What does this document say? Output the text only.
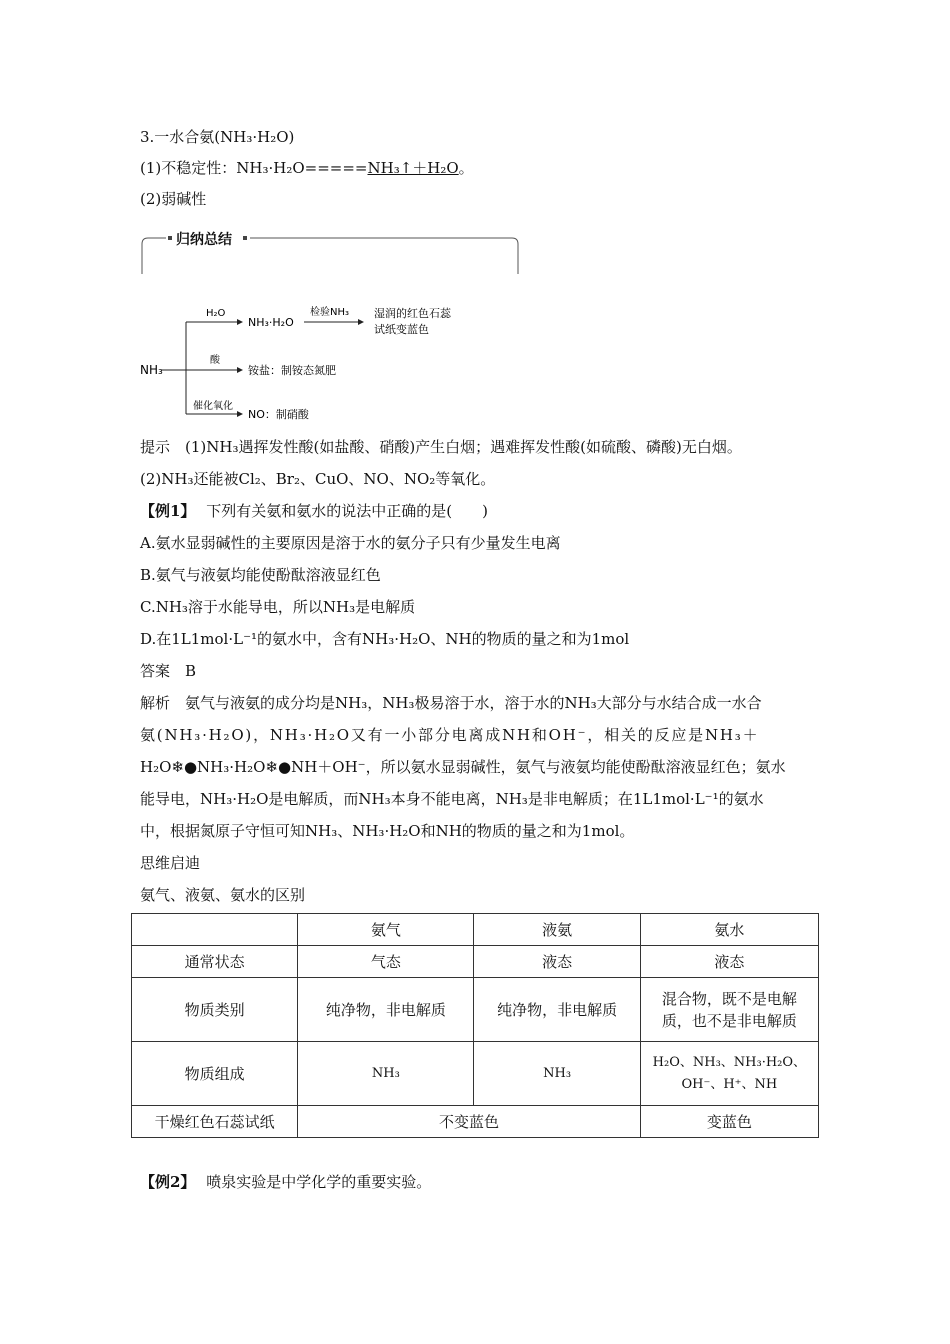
3.一水合氨(NH₃·H₂O)
(1)不稳定性：NH₃·H₂O=====NH₃↑＋H₂O。
(2)弱碱性
归纳总结
NH₃
H₂O
NH₃·H₂O
检验NH₃ 湿润的红色石蕊
试纸变蓝色
酸
铵盐：制铵态氮肥
催化氧化
NO：制硝酸
提示　(1)NH₃遇挥发性酸(如盐酸、硝酸)产生白烟；遇难挥发性酸(如硫酸、磷酸)无白烟。
(2)NH₃还能被Cl₂、Br₂、CuO、NO、NO₂等氧化。
【例1】 下列有关氨和氨水的说法中正确的是(　　)
A.氨水显弱碱性的主要原因是溶于水的氨分子只有少量发生电离
B.氨气与液氨均能使酚酞溶液显红色
C.NH₃溶于水能导电，所以NH₃是电解质
D.在1L1mol·L⁻¹的氨水中，含有NH₃·H₂O、NH的物质的量之和为1mol
答案　B
解析　氨气与液氨的成分均是NH₃，NH₃极易溶于水，溶于水的NH₃大部分与水结合成一水合
氨(NH₃·H₂O)，NH₃·H₂O又有一小部分电离成NH和OH⁻，相关的反应是NH₃＋
H₂O❄●NH₃·H₂O❄●NH＋OH⁻，所以氨水显弱碱性，氨气与液氨均能使酚酞溶液显红色；氨水
能导电，NH₃·H₂O是电解质，而NH₃本身不能电离，NH₃是非电解质；在1L1mol·L⁻¹的氨水
中，根据氮原子守恒可知NH₃、NH₃·H₂O和NH的物质的量之和为1mol。
思维启迪
氨气、液氨、氨水的区别
	氨气	液氨	氨水
通常状态	气态	液态	液态
物质类别	纯净物，非电解质	纯净物，非电解质	混合物，既不是电解
质，也不是非电解质

物质组成	NH₃	NH₃	H₂O、NH₃、NH₃·H₂O、
OH⁻、H⁺、NH

干燥红色石蕊试纸	不变蓝色		变蓝色
【例2】 喷泉实验是中学化学的重要实验。
